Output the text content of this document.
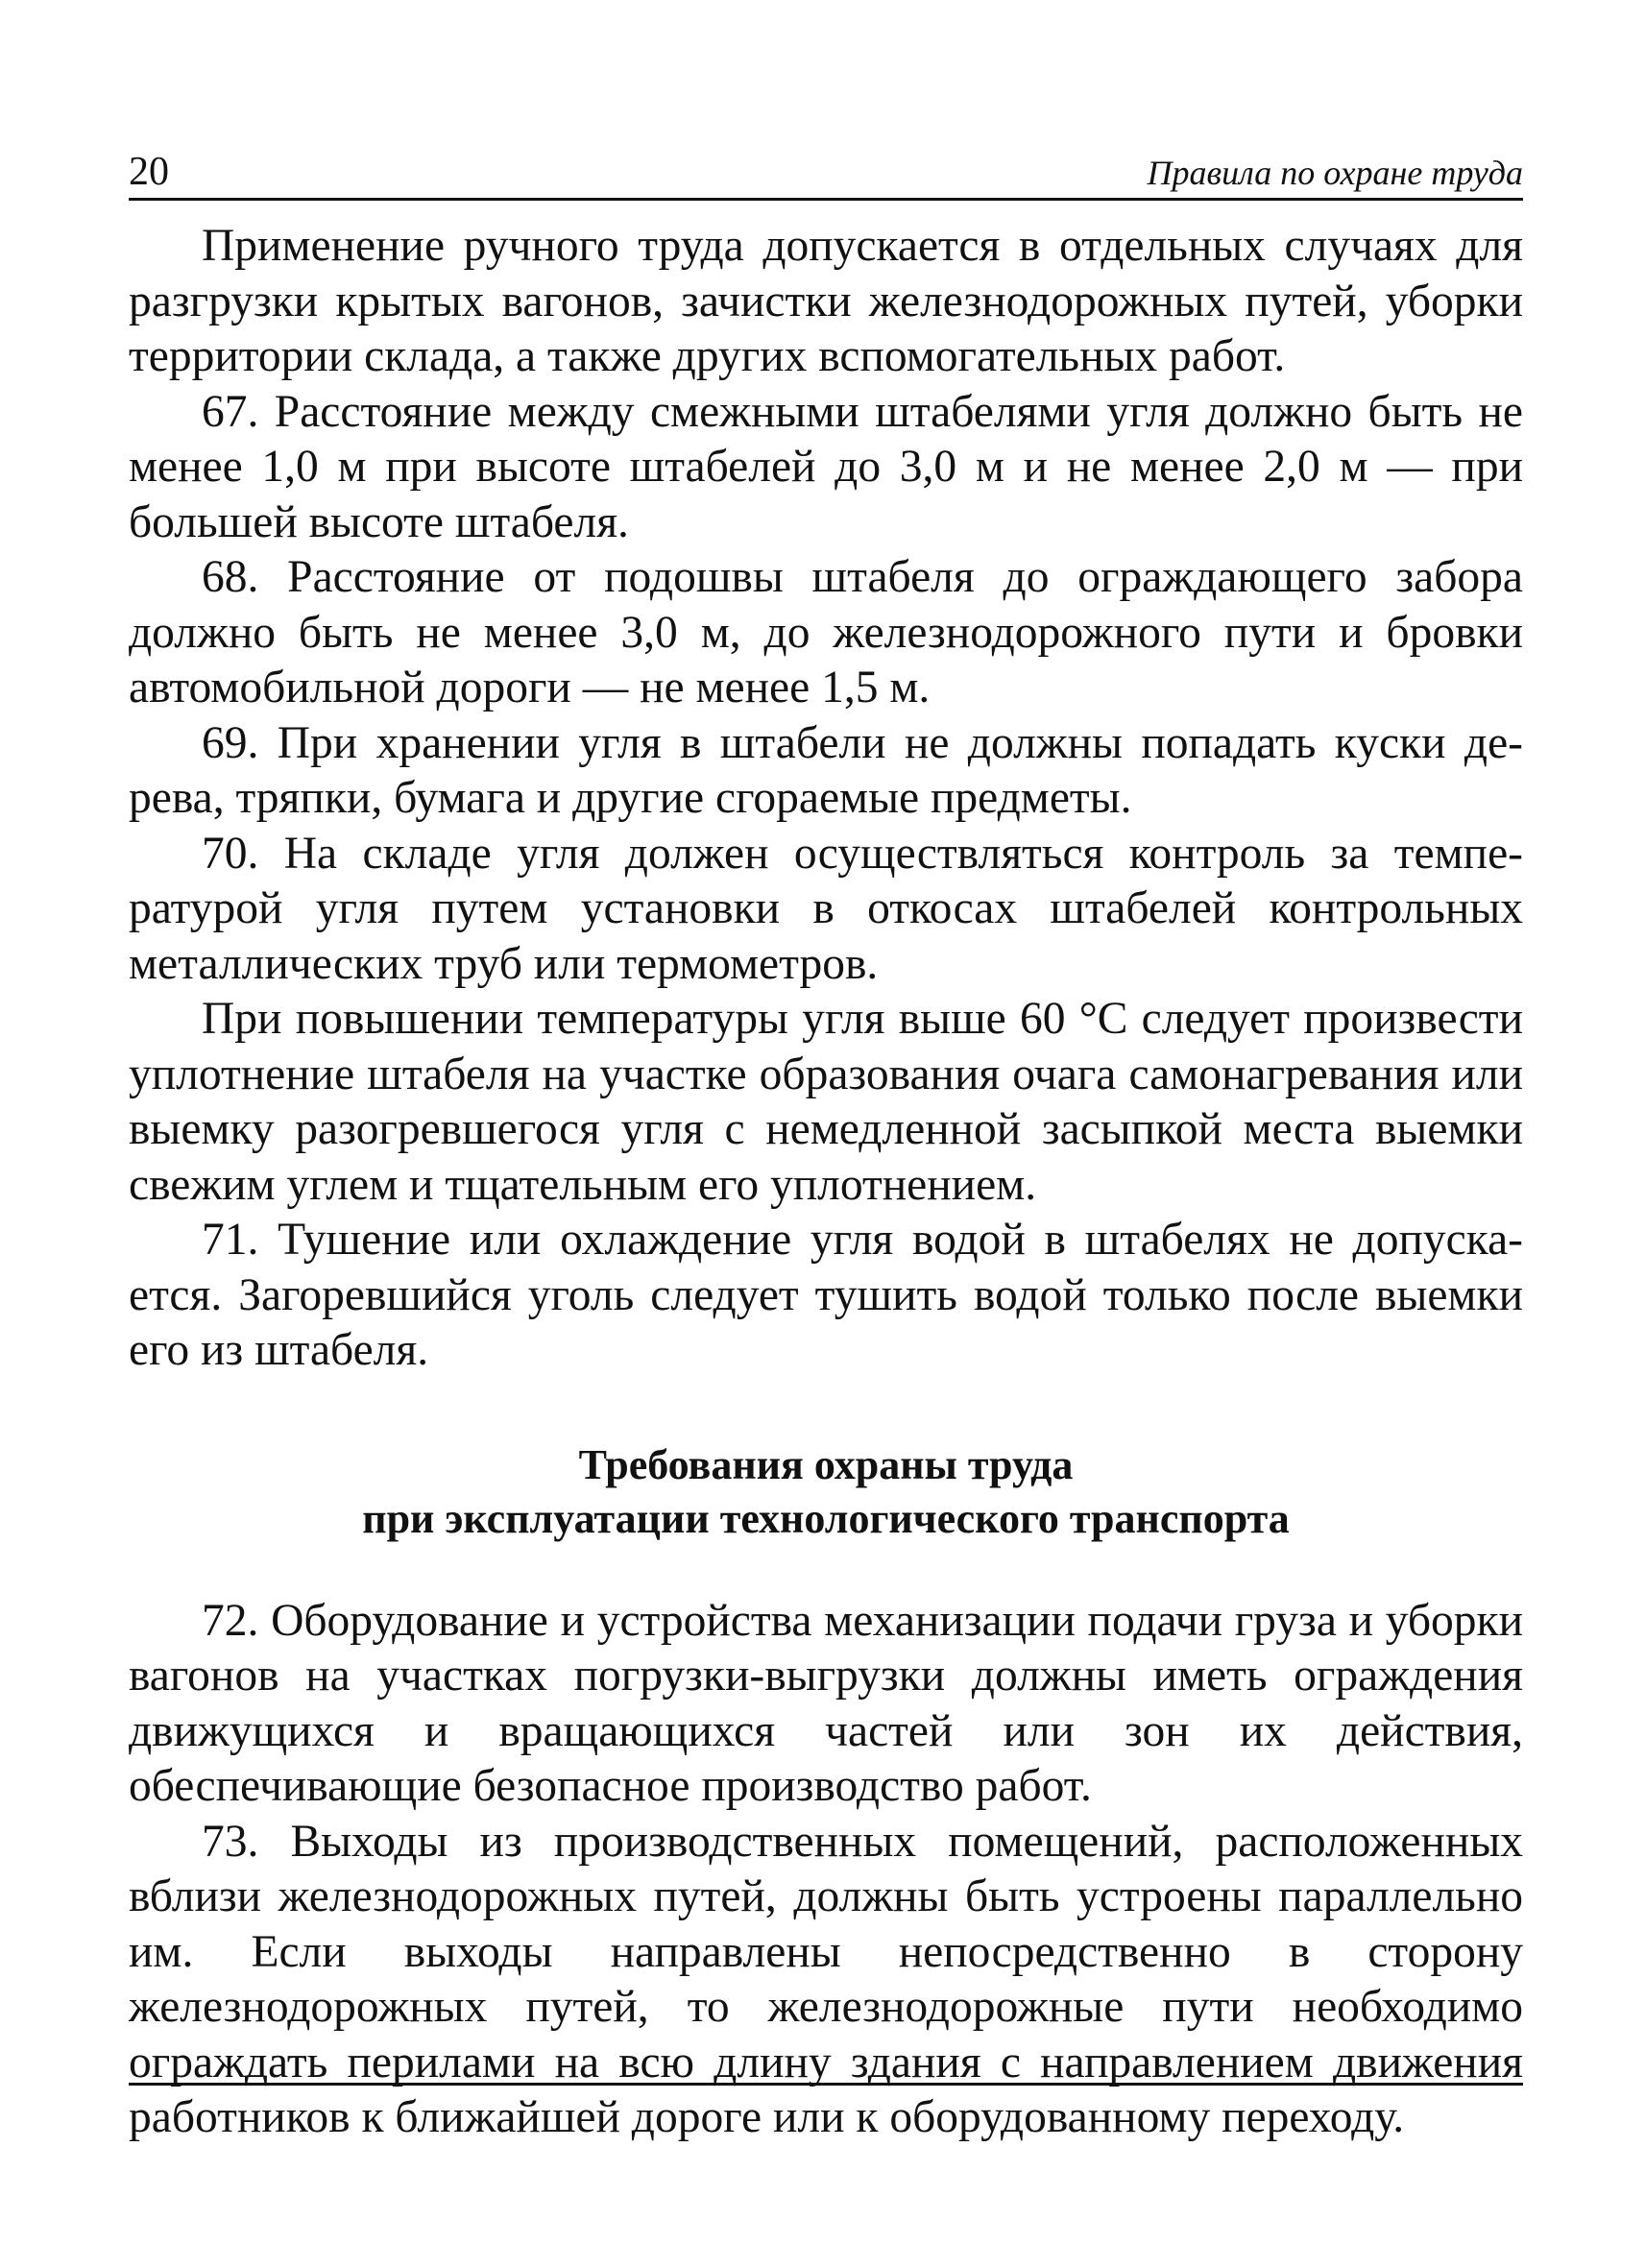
20	Правила по охране труда

Применение ручного труда допускается в отдельных случаях для разгрузки крытых вагонов, зачистки железнодорожных путей, уборки территории склада, а также других вспомогательных работ.

67. Расстояние между смежными штабелями угля должно быть не менее 1,0 м при высоте штабелей до 3,0 м и не менее 2,0 м — при большей высоте штабеля.

68. Расстояние от подошвы штабеля до ограждающего забора должно быть не менее 3,0 м, до железнодорожного пути и бровки автомобильной дороги — не менее 1,5 м.

69. При хранении угля в штабели не должны попадать куски дерева, тряпки, бумага и другие сгораемые предметы.

70. На складе угля должен осуществляться контроль за температурой угля путем установки в откосах штабелей контрольных металлических труб или термометров.

При повышении температуры угля выше 60 °С следует произвести уплотнение штабеля на участке образования очага самонагревания или выемку разогревшегося угля с немедленной засыпкой места выемки свежим углем и тщательным его уплотнением.

71. Тушение или охлаждение угля водой в штабелях не допускается. Загоревшийся уголь следует тушить водой только после выемки его из штабеля.

Требования охраны труда
при эксплуатации технологического транспорта

72. Оборудование и устройства механизации подачи груза и уборки вагонов на участках погрузки-выгрузки должны иметь ограждения движущихся и вращающихся частей или зон их действия, обеспечивающие безопасное производство работ.

73. Выходы из производственных помещений, расположенных вблизи железнодорожных путей, должны быть устроены параллельно им. Если выходы направлены непосредственно в сторону железнодорожных путей, то железнодорожные пути необходимо ограждать перилами на всю длину здания с направлением движения работников к ближайшей дороге или к оборудованному переходу.
